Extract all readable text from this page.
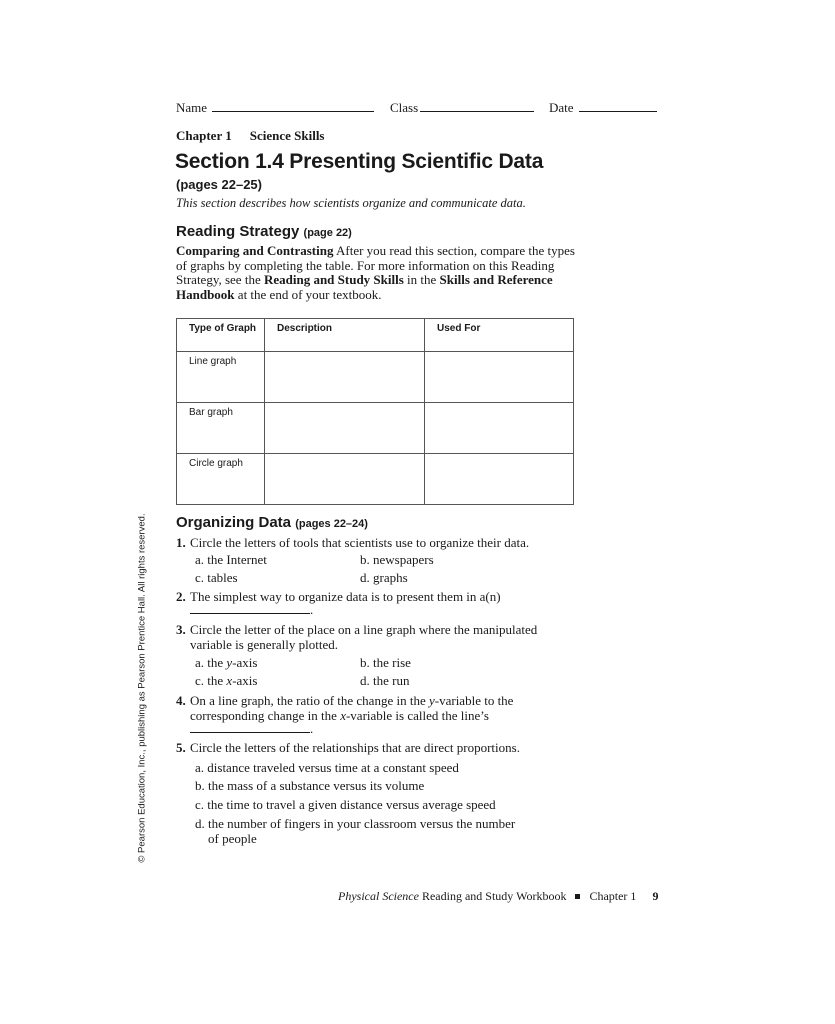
Name	Class	Date
Chapter 1 Science Skills
Section 1.4 Presenting Scientific Data
(pages 22–25)
This section describes how scientists organize and communicate data.
Reading Strategy (page 22)
Comparing and Contrasting After you read this section, compare the types of graphs by completing the table. For more information on this Reading Strategy, see the Reading and Study Skills in the Skills and Reference Handbook at the end of your textbook.
Type of Graph	Description	Used For
Line graph		
Bar graph		
Circle graph		
Organizing Data (pages 22–24)
1. Circle the letters of tools that scientists use to organize their data.
a. the Internet	b. newspapers
c. tables	d. graphs
2. The simplest way to organize data is to present them in a(n)
.
3. Circle the letter of the place on a line graph where the manipulated
variable is generally plotted.
a. the y-axis	b. the rise
c. the x-axis	d. the run
4. On a line graph, the ratio of the change in the y-variable to the
corresponding change in the x-variable is called the line’s
.
5. Circle the letters of the relationships that are direct proportions.
a. distance traveled versus time at a constant speed
b. the mass of a substance versus its volume
c. the time to travel a given distance versus average speed
d. the number of fingers in your classroom versus the number
of people
© Pearson Education, Inc., publishing as Pearson Prentice Hall. All rights reserved.
Physical Science Reading and Study Workbook Chapter 1 9
